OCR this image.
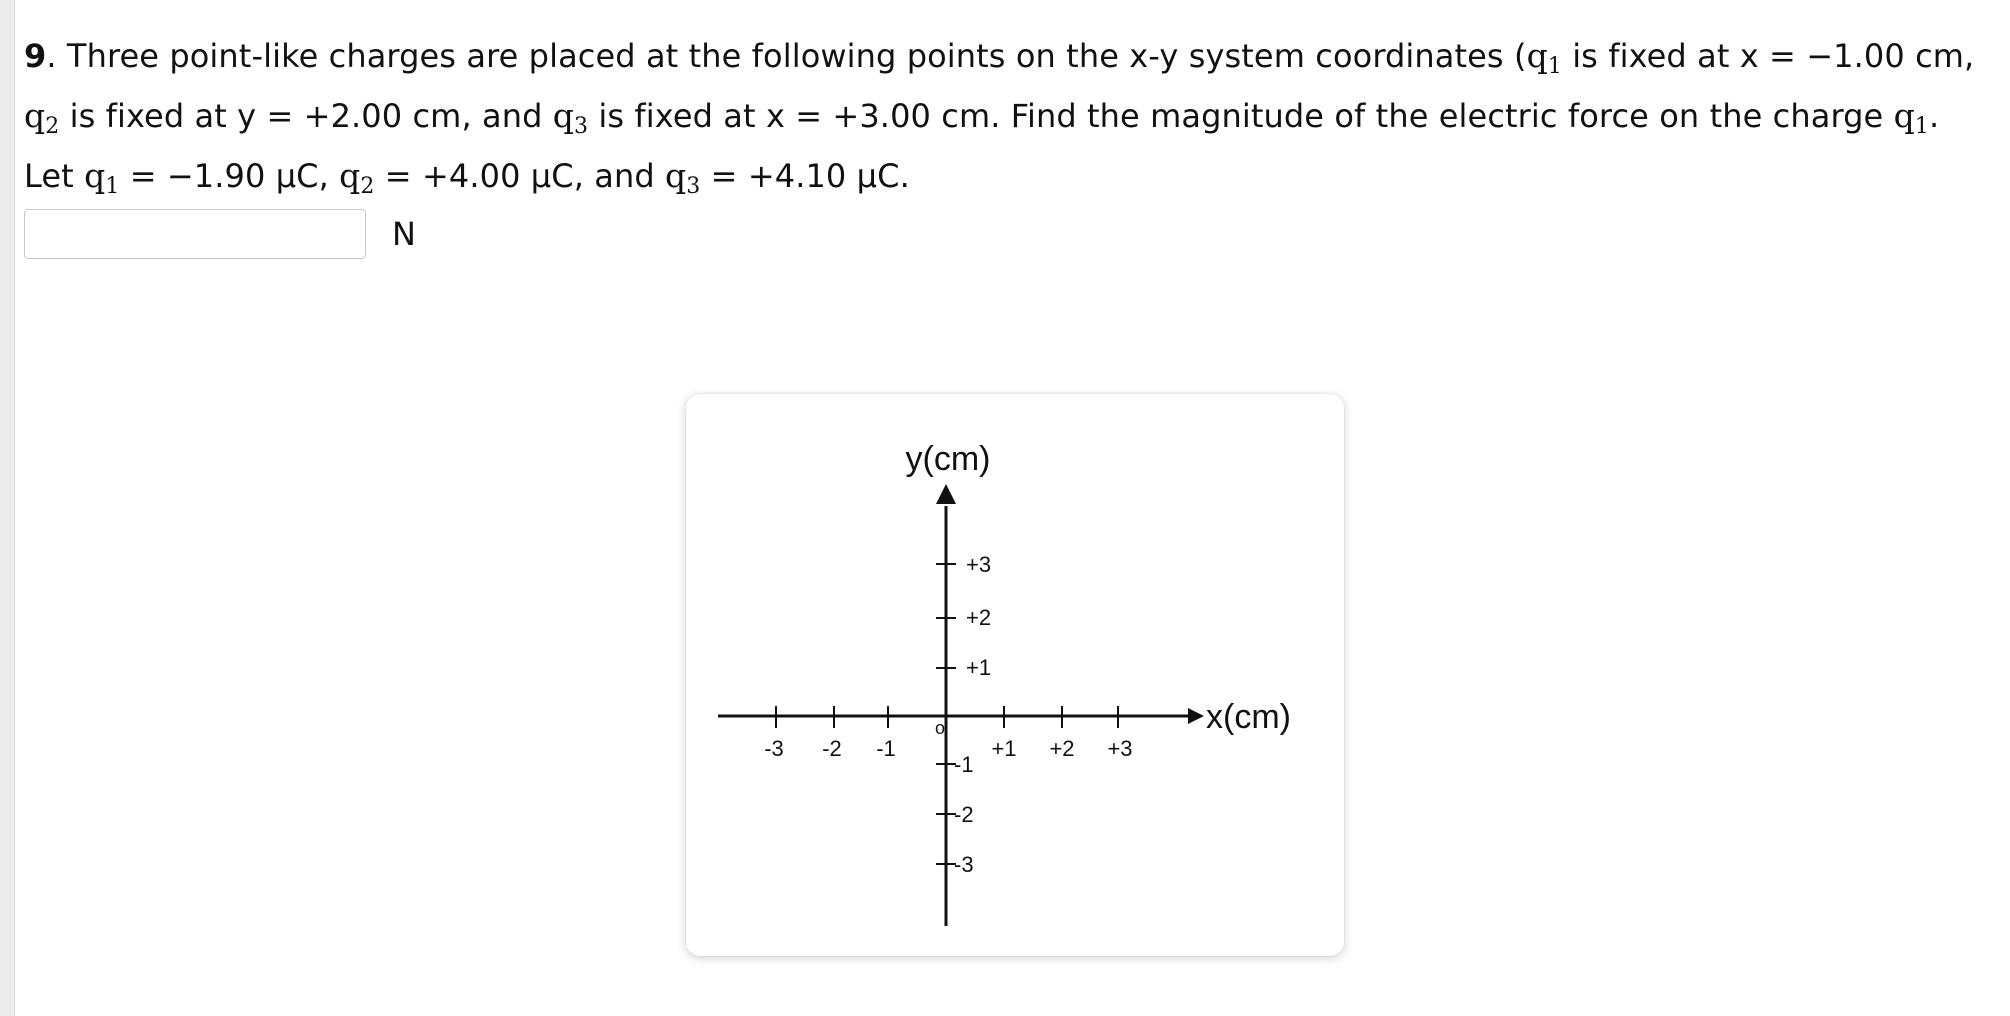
9. Three point-like charges are placed at the following points on the x-y system coordinates ($q_1$ is fixed at x = −1.00 cm,
$q_2$ is fixed at y = +2.00 cm, and $q_3$ is fixed at x = +3.00 cm. Find the magnitude of the electric force on the charge $q_1$.
Let $q_1 = -1.90$ μC, $q_2 = +4.00$ μC, and $q_3 = +4.10$ μC.
N
y(cm)
x(cm)
o
-3 -2 -1	+1 +2 +3
+3
+2
+1
-1
-2
-3
